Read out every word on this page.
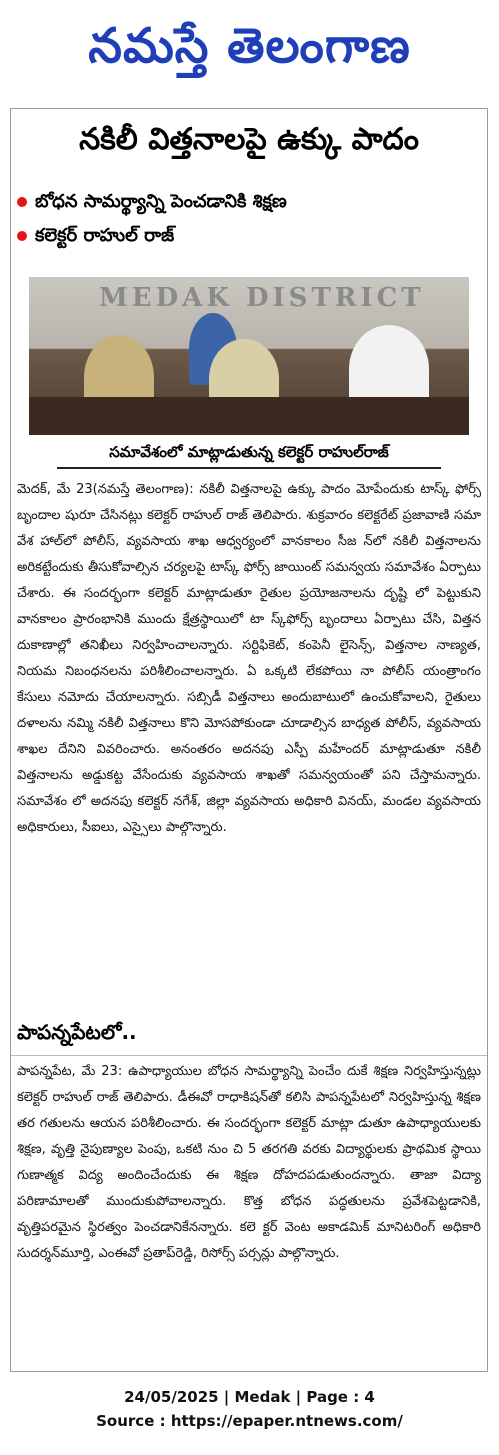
నమస్తే తెలంగాణ
నకిలీ విత్తనాలపై ఉక్కు పాదం
బోధన సామర్థ్యాన్ని పెంచడానికి శిక్షణ
కలెక్టర్ రాహుల్ రాజ్
MEDAK DISTRICT
సమావేశంలో మాట్లాడుతున్న కలెక్టర్ రాహుల్‌రాజ్
మెదక్, మే 23(నమస్తే తెలంగాణ): నకిలీ విత్తనాలపై ఉక్కు పాదం మోపేందుకు టాస్క్ ఫోర్స్ బృందాల షురూ చేసినట్లు కలెక్టర్ రాహుల్ రాజ్ తెలిపారు. శుక్రవారం కలెక్టరేట్ ప్రజావాణి సమా వేశ హాల్‌లో పోలీస్, వ్యవసాయ శాఖ ఆధ్వర్యంలో వానకాలం సీజ న్‌లో నకిలీ విత్తనాలను అరికట్టేందుకు తీసుకోవాల్సిన చర్యలపై టాస్క్ ఫోర్స్ జాయింట్ సమన్వయ సమావేశం ఏర్పాటు చేశారు. ఈ సందర్భంగా కలెక్టర్ మాట్లాడుతూ రైతుల ప్రయోజనాలను దృష్టి లో పెట్టుకుని వానకాలం ప్రారంభానికి ముందు క్షేత్రస్థాయిలో టా స్క్‌ఫోర్స్ బృందాలు ఏర్పాటు చేసి, విత్తన దుకాణాల్లో తనిఖీలు నిర్వహించాలన్నారు. సర్టిఫికెట్, కంపెనీ లైసెన్స్, విత్తనాల నాణ్యత, నియమ నిబంధనలను పరిశీలించాలన్నారు. ఏ ఒక్కటి లేకపోయి నా పోలీస్ యంత్రాంగం కేసులు నమోదు చేయాలన్నారు. సబ్సిడీ విత్తనాలు అందుబాటులో ఉంచుకోవాలని, రైతులు దళాలను నమ్మి నకిలీ విత్తనాలు కొని మోసపోకుండా చూడాల్సిన బాధ్యత పోలీస్, వ్యవసాయ శాఖల దేనిని వివరించారు. అనంతరం అదనపు ఎస్పీ మహేందర్ మాట్లాడుతూ నకిలీ విత్తనాలను అడ్డుకట్ట వేసేందుకు వ్యవసాయ శాఖతో సమన్వయంతో పని చేస్తామన్నారు. సమావేశం లో అదనపు కలెక్టర్ నగేశ్, జిల్లా వ్యవసాయ అధికారి వినయ్, మండల వ్యవసాయ అధికారులు, సీఐలు, ఎస్సైలు పాల్గొన్నారు.
పాపన్నపేటలో..
పాపన్నపేట, మే 23: ఉపాధ్యాయుల బోధన సామర్థ్యాన్ని పెంచేం దుకే శిక్షణ నిర్వహిస్తున్నట్లు కలెక్టర్ రాహుల్ రాజ్ తెలిపారు. డీఈవో రాధాకిషన్‌తో కలిసి పాపన్నపేటలో నిర్వహిస్తున్న శిక్షణ తర గతులను ఆయన పరిశీలించారు. ఈ సందర్భంగా కలెక్టర్ మాట్లా డుతూ ఉపాధ్యాయులకు శిక్షణ, వృత్తి నైపుణ్యాల పెంపు, ఒకటి నుం చి 5 తరగతి వరకు విద్యార్థులకు ప్రాథమిక స్థాయి గుణాత్మక విద్య అందించేందుకు ఈ శిక్షణ దోహదపడుతుందన్నారు. తాజా విద్యా పరిణామాలతో ముందుకుపోవాలన్నారు. కొత్త బోధన పద్ధతులను ప్రవేశపెట్టడానికి, వృత్తిపరమైన స్థిరత్వం పెంచడానికేనన్నారు. కలె క్టర్ వెంట అకాడమిక్ మానిటరింగ్ అధికారి సుదర్శన్‌మూర్తి, ఎంఈవో ప్రతాప్‌రెడ్డి, రిసోర్స్ పర్సన్లు పాల్గొన్నారు.
24/05/2025 | Medak | Page : 4
Source : https://epaper.ntnews.com/
